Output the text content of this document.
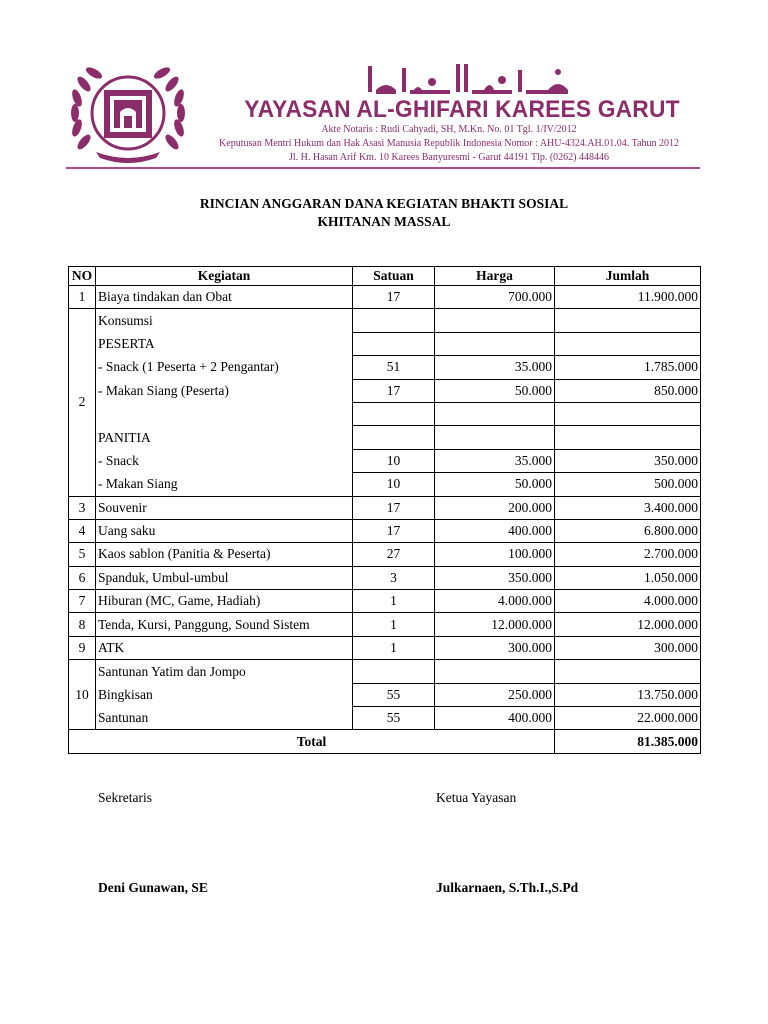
مؤسسة
YAYASAN AL-GHIFARI KAREES GARUT
Akte Notaris : Rudi Cahyadi, SH, M.Kn. No. 01 Tgl. 1/IV/2012
Keputusan Mentri Hukum dan Hak Asasi Manusia Republik Indonesia Nomor : AHU-4324.AH.01.04. Tahun 2012
Jl. H. Hasan Arif Km. 10 Karees Banyuresmi - Garut 44191 Tlp. (0262) 448446
RINCIAN ANGGARAN DANA KEGIATAN BHAKTI SOSIAL
KHITANAN MASSAL
NO	Kegiatan	Satuan	Harga	Jumlah
1	Biaya tindakan dan Obat	17	700.000	11.900.000
2	Konsumsi			
	PESERTA			
	- Snack (1 Peserta + 2 Pengantar)	51	35.000	1.785.000
	- Makan Siang (Peserta)	17	50.000	850.000

	PANITIA			
	- Snack	10	35.000	350.000
	- Makan Siang	10	50.000	500.000
3	Souvenir	17	200.000	3.400.000
4	Uang saku	17	400.000	6.800.000
5	Kaos sablon (Panitia & Peserta)	27	100.000	2.700.000
6	Spanduk, Umbul-umbul	3	350.000	1.050.000
7	Hiburan (MC, Game, Hadiah)	1	4.000.000	4.000.000
8	Tenda, Kursi, Panggung, Sound Sistem	1	12.000.000	12.000.000
9	ATK	1	300.000	300.000
10	Santunan Yatim dan Jompo			
	Bingkisan	55	250.000	13.750.000
	Santunan	55	400.000	22.000.000
Total				81.385.000
Sekretaris	Ketua Yayasan
Deni Gunawan, SE	Julkarnaen, S.Th.I.,S.Pd
